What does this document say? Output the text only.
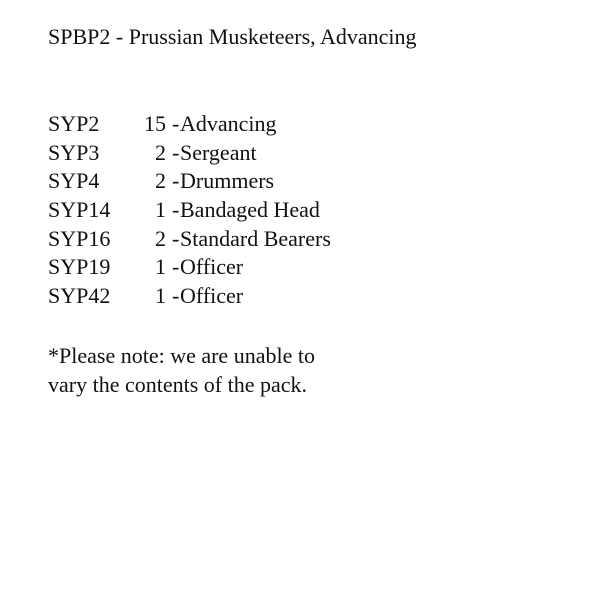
SPBP2 - Prussian Musketeers, Advancing
SYP2	15 - Advancing
SYP3	2 - Sergeant
SYP4	2 - Drummers
SYP14	1 - Bandaged Head
SYP16	2 - Standard Bearers
SYP19	1 - Officer
SYP42	1 - Officer
*Please note: we are unable to
vary the contents of the pack.
